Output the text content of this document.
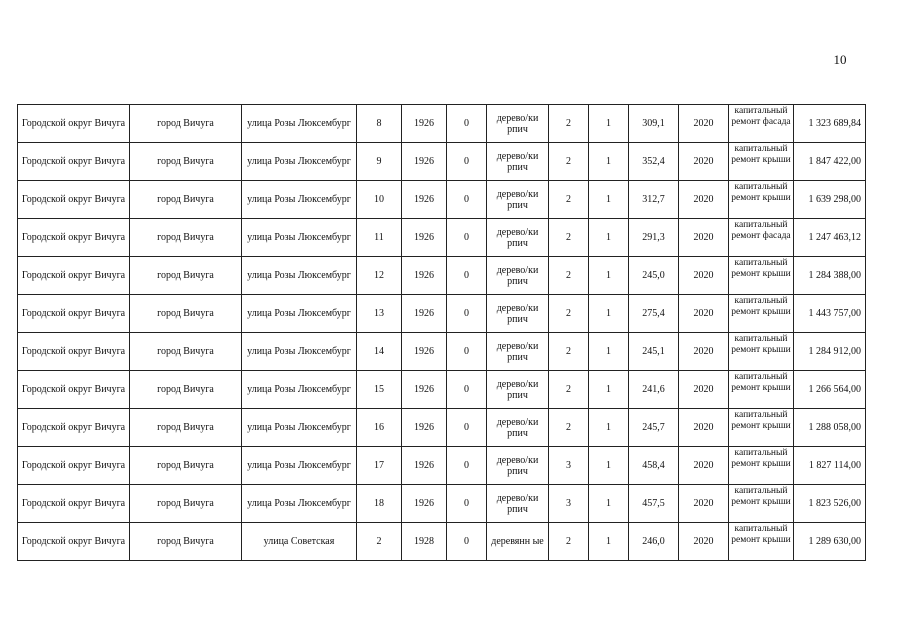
10
Городской округ Вичуга	город Вичуга	улица Розы Люксембург	8	1926	0	дерево/ки рпич	2	1	309,1	2020	капитальный ремонт фасада	1 323 689,84
Городской округ Вичуга	город Вичуга	улица Розы Люксембург	9	1926	0	дерево/ки рпич	2	1	352,4	2020	капитальный ремонт крыши	1 847 422,00
Городской округ Вичуга	город Вичуга	улица Розы Люксембург	10	1926	0	дерево/ки рпич	2	1	312,7	2020	капитальный ремонт крыши	1 639 298,00
Городской округ Вичуга	город Вичуга	улица Розы Люксембург	11	1926	0	дерево/ки рпич	2	1	291,3	2020	капитальный ремонт фасада	1 247 463,12
Городской округ Вичуга	город Вичуга	улица Розы Люксембург	12	1926	0	дерево/ки рпич	2	1	245,0	2020	капитальный ремонт крыши	1 284 388,00
Городской округ Вичуга	город Вичуга	улица Розы Люксембург	13	1926	0	дерево/ки рпич	2	1	275,4	2020	капитальный ремонт крыши	1 443 757,00
Городской округ Вичуга	город Вичуга	улица Розы Люксембург	14	1926	0	дерево/ки рпич	2	1	245,1	2020	капитальный ремонт крыши	1 284 912,00
Городской округ Вичуга	город Вичуга	улица Розы Люксембург	15	1926	0	дерево/ки рпич	2	1	241,6	2020	капитальный ремонт крыши	1 266 564,00
Городской округ Вичуга	город Вичуга	улица Розы Люксембург	16	1926	0	дерево/ки рпич	2	1	245,7	2020	капитальный ремонт крыши	1 288 058,00
Городской округ Вичуга	город Вичуга	улица Розы Люксембург	17	1926	0	дерево/ки рпич	3	1	458,4	2020	капитальный ремонт крыши	1 827 114,00
Городской округ Вичуга	город Вичуга	улица Розы Люксембург	18	1926	0	дерево/ки рпич	3	1	457,5	2020	капитальный ремонт крыши	1 823 526,00
Городской округ Вичуга	город Вичуга	улица Советская	2	1928	0	деревянн ые	2	1	246,0	2020	капитальный ремонт крыши	1 289 630,00
